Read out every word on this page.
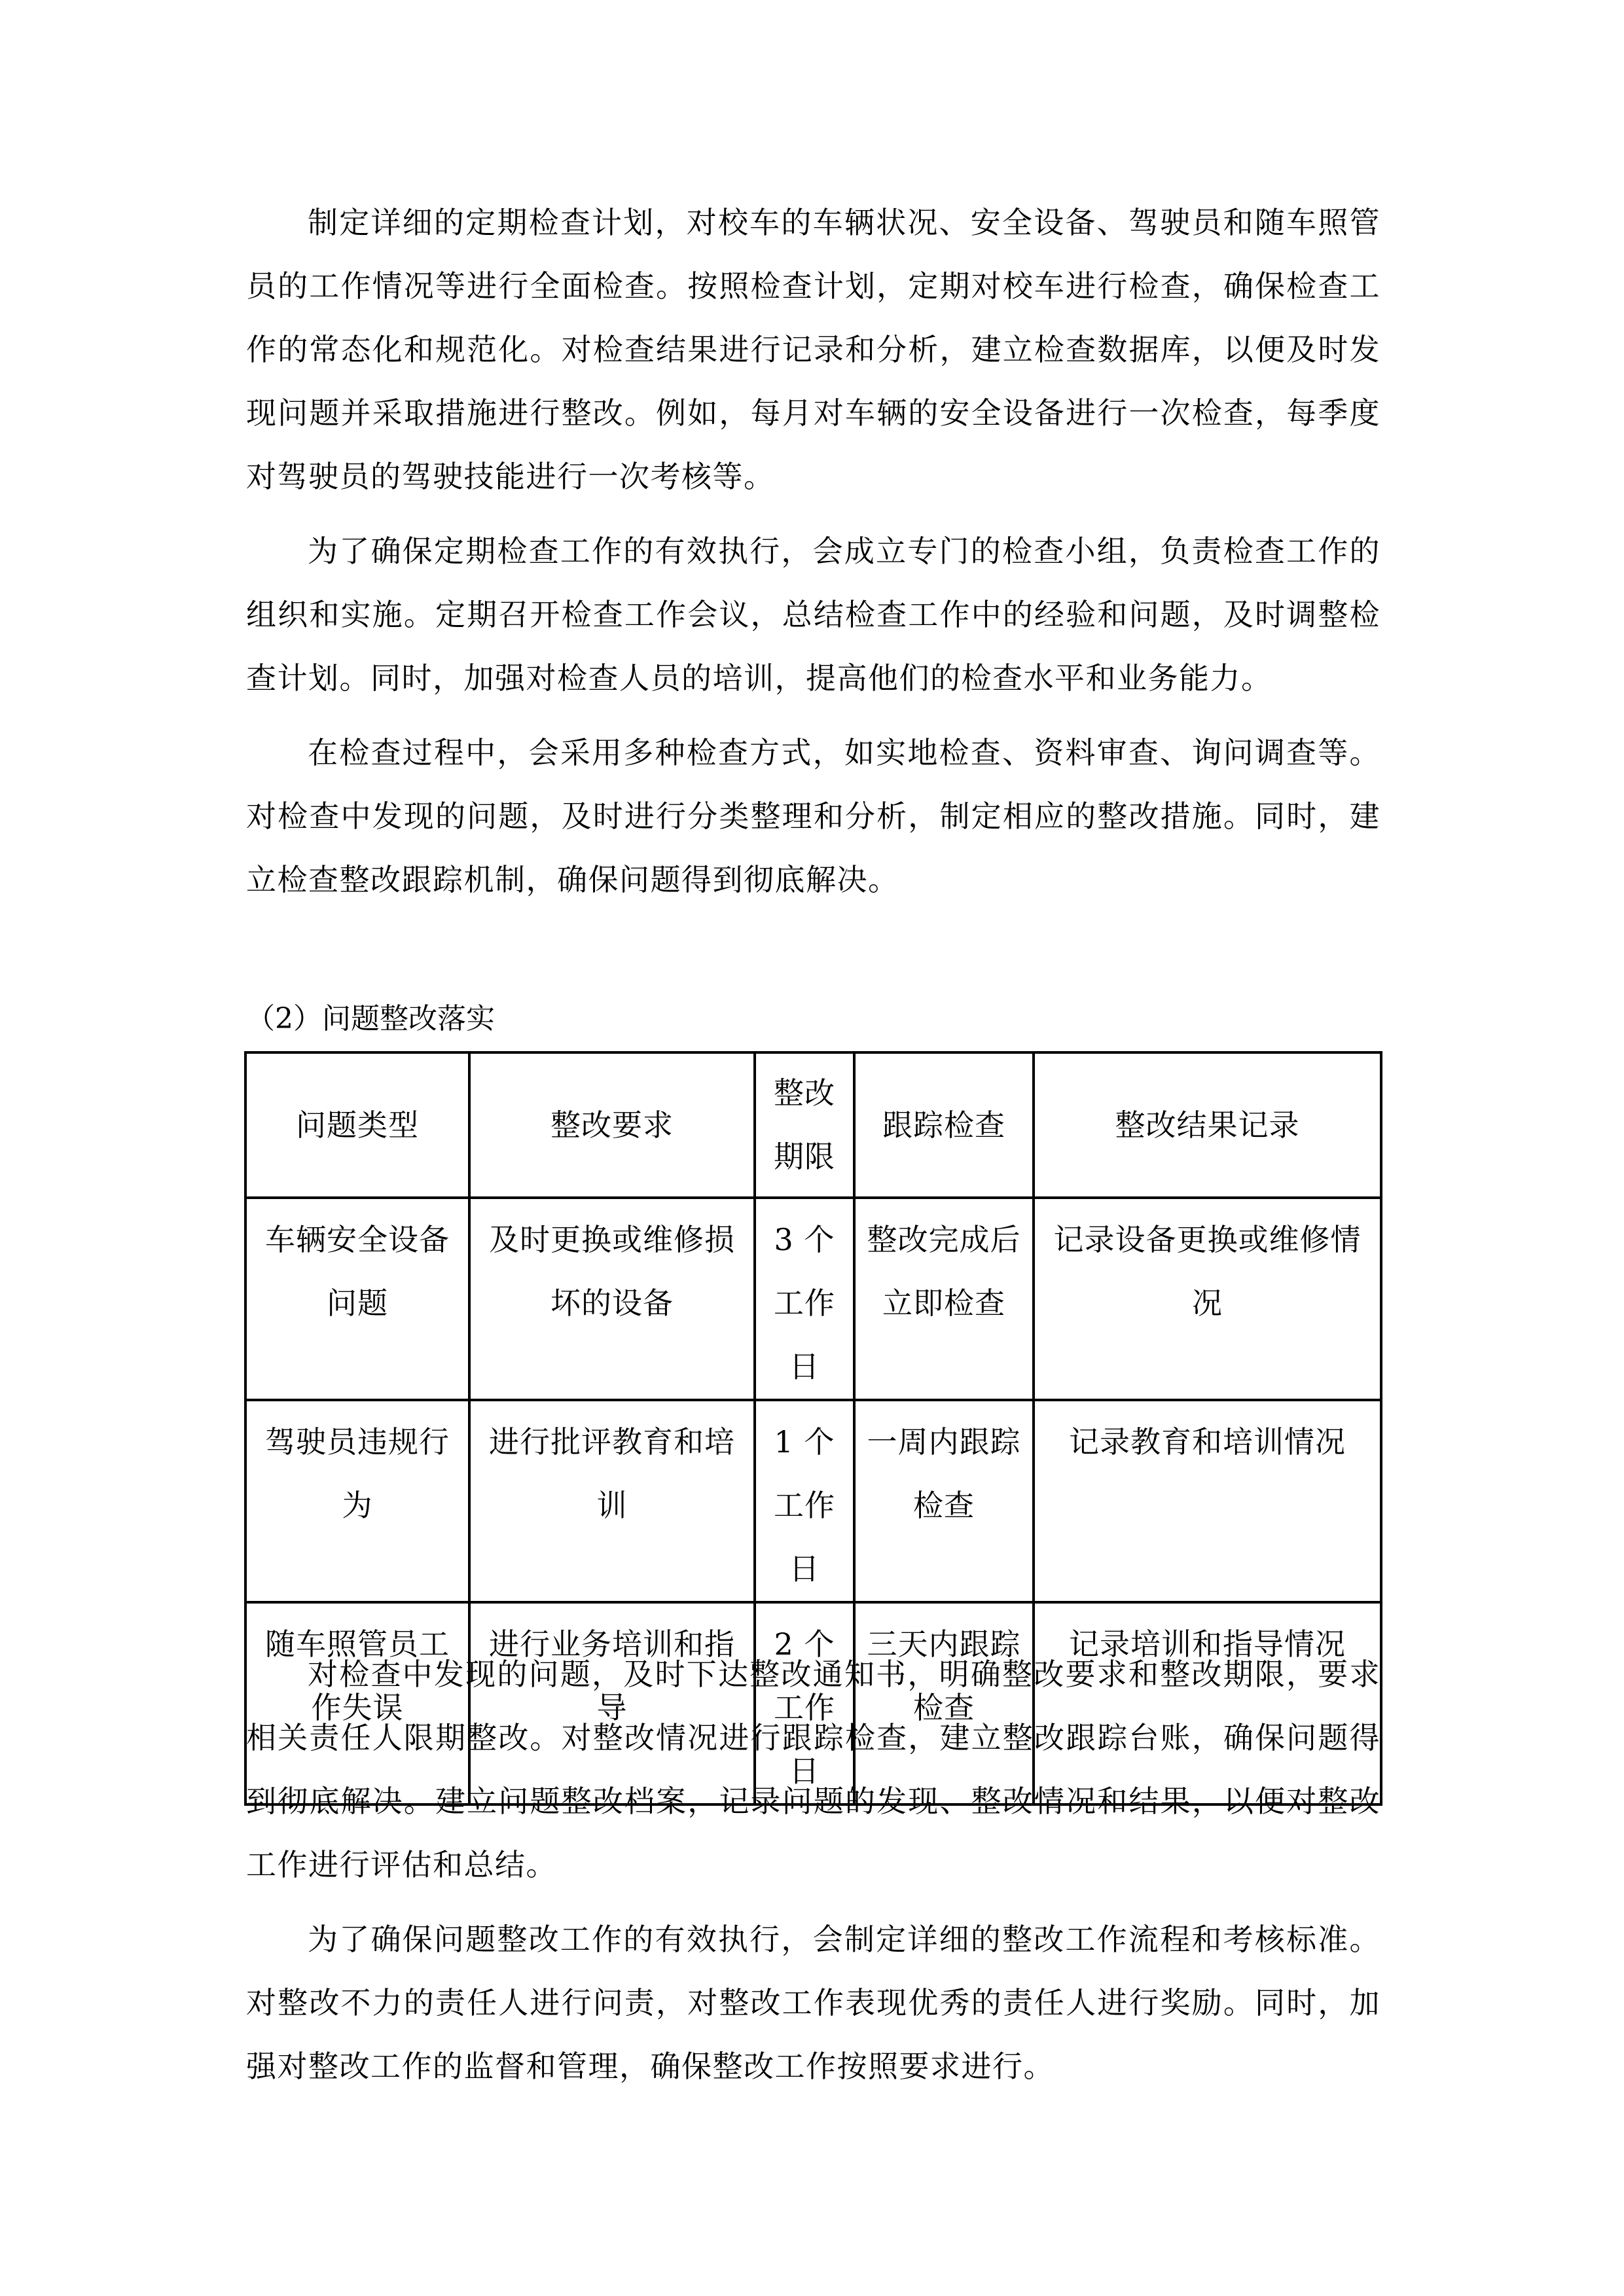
制定详细的定期检查计划，对校车的车辆状况、安全设备、驾驶员和随车照管员的工作情况等进行全面检查。按照检查计划，定期对校车进行检查，确保检查工作的常态化和规范化。对检查结果进行记录和分析，建立检查数据库，以便及时发现问题并采取措施进行整改。例如，每月对车辆的安全设备进行一次检查，每季度对驾驶员的驾驶技能进行一次考核等。

为了确保定期检查工作的有效执行，会成立专门的检查小组，负责检查工作的组织和实施。定期召开检查工作会议，总结检查工作中的经验和问题，及时调整检查计划。同时，加强对检查人员的培训，提高他们的检查水平和业务能力。

在检查过程中，会采用多种检查方式，如实地检查、资料审查、询问调查等。对检查中发现的问题，及时进行分类整理和分析，制定相应的整改措施。同时，建立检查整改跟踪机制，确保问题得到彻底解决。

（2）问题整改落实
问题类型	整改要求	整改期限	跟踪检查	整改结果记录
车辆安全设备问题	及时更换或维修损坏的设备	3 个工作日	整改完成后立即检查	记录设备更换或维修情况
驾驶员违规行为	进行批评教育和培训	1 个工作日	一周内跟踪检查	记录教育和培训情况
随车照管员工作失误	进行业务培训和指导	2 个工作日	三天内跟踪检查	记录培训和指导情况

对检查中发现的问题，及时下达整改通知书，明确整改要求和整改期限，要求相关责任人限期整改。对整改情况进行跟踪检查，建立整改跟踪台账，确保问题得到彻底解决。建立问题整改档案，记录问题的发现、整改情况和结果，以便对整改工作进行评估和总结。

为了确保问题整改工作的有效执行，会制定详细的整改工作流程和考核标准。对整改不力的责任人进行问责，对整改工作表现优秀的责任人进行奖励。同时，加强对整改工作的监督和管理，确保整改工作按照要求进行。
